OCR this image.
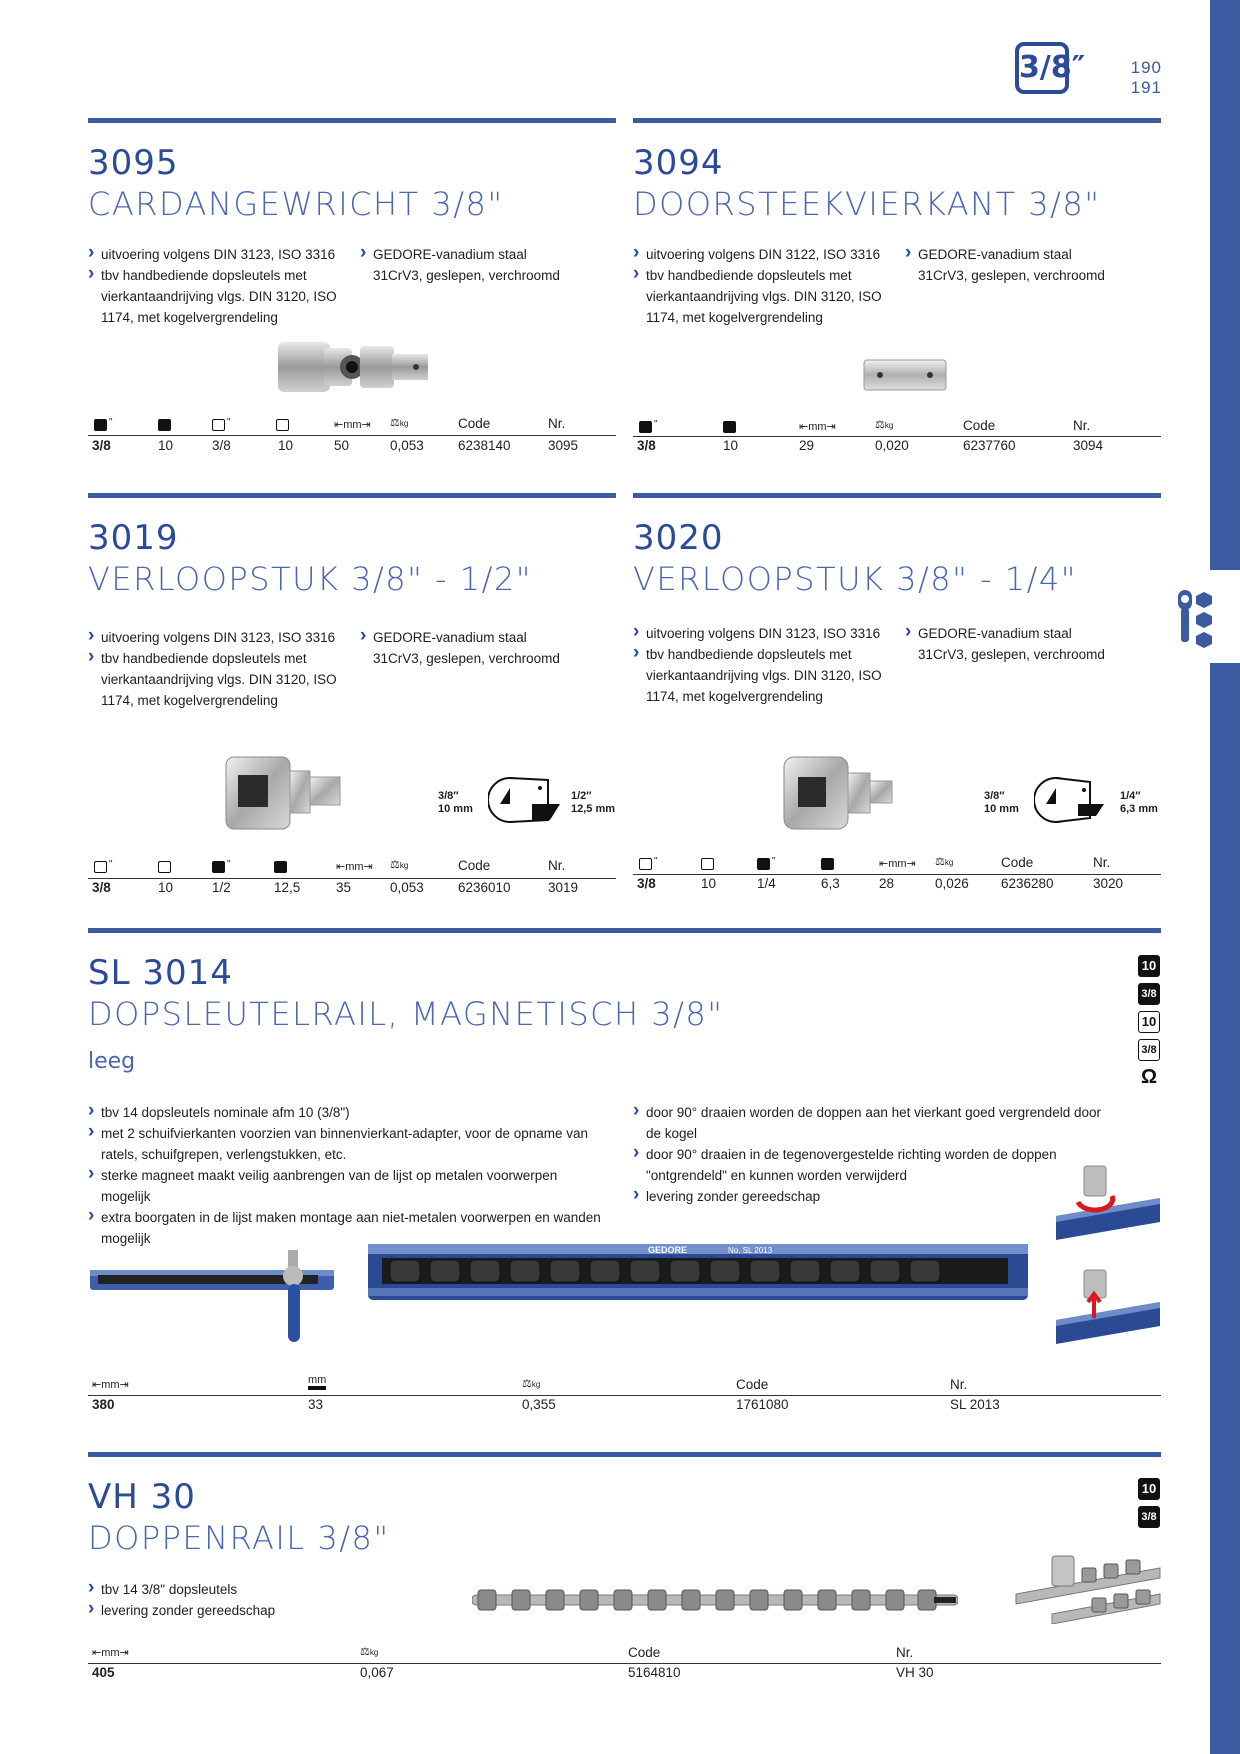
3/8″	190
191
3095
CARDANGEWRICHT 3/8"
› uitvoering volgens DIN 3123, ISO 3316
› tbv handbediende dopsleutels met vierkantaandrijving vlgs. DIN 3120, ISO 1174, met kogelvergrendeling
› GEDORE-vanadium staal 31CrV3, geslepen, verchroomd
"	"	⇤mm⇥ ⚖kg	Code	Nr.
3/8	10	3/8	10	50	0,053	6238140	3095
3094
DOORSTEEKVIERKANT 3/8"
› uitvoering volgens DIN 3122, ISO 3316
› tbv handbediende dopsleutels met vierkantaandrijving vlgs. DIN 3120, ISO 1174, met kogelvergrendeling
› GEDORE-vanadium staal 31CrV3, geslepen, verchroomd
"	⇤mm⇥	⚖kg	Code	Nr.
3/8	10	29	0,020	6237760	3094
3019
VERLOOPSTUK 3/8" - 1/2"
› uitvoering volgens DIN 3123, ISO 3316
› tbv handbediende dopsleutels met vierkantaandrijving vlgs. DIN 3120, ISO 1174, met kogelvergrendeling
› GEDORE-vanadium staal 31CrV3, geslepen, verchroomd
3/8″
10 mm
1/2″
12,5 mm
"	"	⇤mm⇥ ⚖kg	Code	Nr.
3/8	10	1/2	12,5	35	0,053	6236010	3019
3020
VERLOOPSTUK 3/8" - 1/4"
› uitvoering volgens DIN 3123, ISO 3316
› tbv handbediende dopsleutels met vierkantaandrijving vlgs. DIN 3120, ISO 1174, met kogelvergrendeling
› GEDORE-vanadium staal 31CrV3, geslepen, verchroomd
3/8″
10 mm
1/4″
6,3 mm
"	"	⇤mm⇥ ⚖kg	Code	Nr.
3/8	10	1/4	6,3	28	0,026 6236280	3020
SL 3014
DOPSLEUTELRAIL, MAGNETISCH 3/8"
leeg
10
3/8
10
3/8
Ω
› tbv 14 dopsleutels nominale afm 10 (3/8")
› met 2 schuifvierkanten voorzien van binnenvierkant-adapter, voor de opname van ratels, schuifgrepen, verlengstukken, etc.
› sterke magneet maakt veilig aanbrengen van de lijst op metalen voorwerpen mogelijk
› extra boorgaten in de lijst maken montage aan niet-metalen voorwerpen en wanden mogelijk
› door 90° draaien worden de doppen aan het vierkant goed vergrendeld door de kogel
› door 90° draaien in de tegenovergestelde richting worden de doppen "ontgrendeld" en kunnen worden verwijderd
› levering zonder gereedschap
GEDORE	No. SL 2013
⇤mm⇥	mm	⚖kg	Code	Nr.
380	33	0,355	1761080	SL 2013
VH 30
DOPPENRAIL 3/8"
10
3/8
› tbv 14 3/8" dopsleutels
› levering zonder gereedschap
⇤mm⇥	⚖kg	Code	Nr.
405	0,067	5164810	VH 30
